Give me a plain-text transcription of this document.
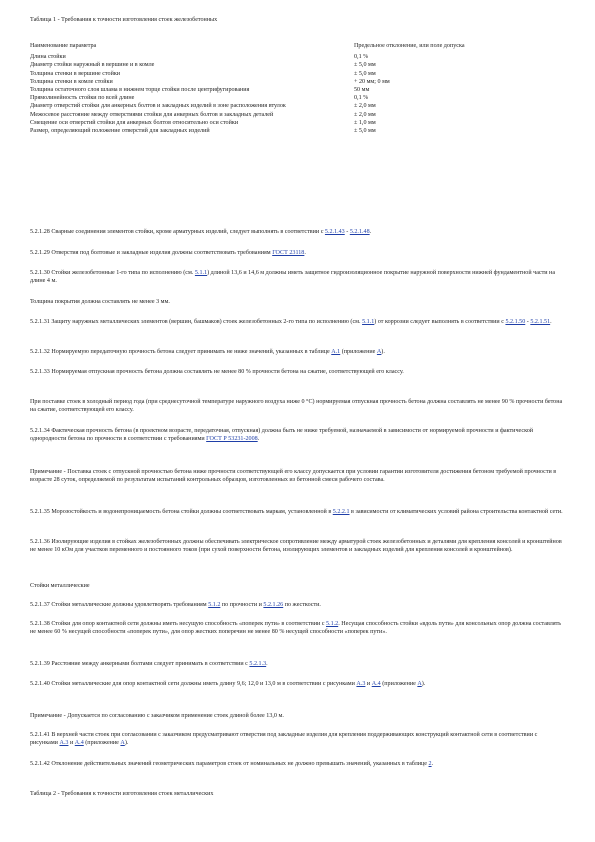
Таблица 1 - Требования к точности изготовления стоек железобетонных
Наименование параметра	Предельное отклонение, или поле допуска

Длина стойки	0,1 %
Диаметр стойки наружный в вершине и в комле	± 5,0 мм
Толщина стенки в вершине стойки	± 5,0 мм
Толщина стенки в комле стойки	+ 20 мм; 0 мм

Толщина остаточного слоя шлама в нижнем торце стойки после центрифугирования	50 мм
Прямолинейность стойки по всей длине	0,1 %
Диаметр отверстий стойки для анкерных болтов и закладных изделий в зоне расположения втулок	± 2,0 мм
Межосевое расстояние между отверстиями стойки для анкерных болтов и закладных деталей	± 2,0 мм
Смещение оси отверстий стойки для анкерных болтов относительно оси стойки	± 1,0 мм
Размер, определяющий положение отверстий для закладных изделий	± 5,0 мм

5.2.1.28 Сварные соединения элементов стойки, кроме арматурных изделий, следует выполнять в соответствии с 5.2.1.43 - 5.2.1.48.

5.2.1.29 Отверстия под болтовые и закладные изделия должны соответствовать требованиям ГОСТ 23118.

5.2.1.30 Стойки железобетонные 1-го типа по исполнению (см. 5.1.1) длиной 13,6 и 14,6 м должны иметь защитное гидроизоляционное покрытие наружной поверхности нижней фундаментной части на длине 4 м.

Толщина покрытия должна составлять не менее 3 мм.

5.2.1.31 Защиту наружных металлических элементов (вершин, башмаков) стоек железобетонных 2-го типа по исполнению (см. 5.1.1) от коррозии следует выполнять в соответствии с 5.2.1.50 - 5.2.1.51.

5.2.1.32 Нормируемую передаточную прочность бетона следует принимать не ниже значений, указанных в таблице А.1 (приложение А).

5.2.1.33 Нормируемая отпускная прочность бетона должна составлять не менее 80 % прочности бетона на сжатие, соответствующей его классу.

При поставке стоек в холодный период года (при среднесуточной температуре наружного воздуха ниже 0 °С) нормируемая отпускная прочность бетона должна составлять не менее 90 % прочности бетона на сжатие, соответствующей его классу.

5.2.1.34 Фактическая прочность бетона (в проектном возрасте, передаточная, отпускная) должна быть не ниже требуемой, назначаемой в зависимости от нормируемой прочности и фактической однородности бетона по прочности в соответствии с требованиями ГОСТ Р 53231-2008.

Примечание - Поставка стоек с отпускной прочностью бетона ниже прочности соответствующей его классу допускается при условии гарантии изготовителя достижения бетоном требуемой прочности в возрасте 28 суток, определяемой по результатам испытаний контрольных образцов, изготовленных из бетонной смеси рабочего состава.

5.2.1.35 Морозостойкость и водонепроницаемость бетона стойки должны соответствовать маркам, установленной в 5.2.2.1 в зависимости от климатических условий района строительства контактной сети.

5.2.1.36 Изолирующие изделия в стойках железобетонных должны обеспечивать электрическое сопротивление между арматурой стоек железобетонных и деталями для крепления консолей и кронштейнов не менее 10 кОм для участков переменного и постоянного токов (при сухой поверхности бетона, изолирующих элементов и закладных изделий для крепления консолей и кронштейнов).

Стойки металлические

5.2.1.37 Стойки металлические должны удовлетворять требованиям 5.1.2 по прочности и 5.2.1.26 по жесткости.

5.2.1.38 Стойки для опор контактной сети должны иметь несущую способность «поперек пути» в соответствии с 5.1.2. Несущая способность стойки «вдоль пути» для консольных опор должна составлять не менее 60 % несущей способности «поперек пути», для опор жестких поперечин не менее 80 % несущей способности «поперек пути».

5.2.1.39 Расстояние между анкерными болтами следует принимать в соответствии с 5.2.1.3.

5.2.1.40 Стойки металлические для опор контактной сети должны иметь длину 9,6; 12,0 и 13,0 м в соответствии с рисунками А.3 и А.4 (приложение А).

Примечание - Допускается по согласованию с заказчиком применение стоек длиной более 13,0 м.

5.2.1.41 В верхней части стоек при согласовании с заказчиком предусматривают отверстия под закладные изделия для крепления поддерживающих конструкций контактной сети в соответствии с рисунками А.3 и А.4 (приложение А).

5.2.1.42 Отклонение действительных значений геометрических параметров стоек от номинальных не должно превышать значений, указанных в таблице 2.

Таблица 2 - Требования к точности изготовления стоек металлических
